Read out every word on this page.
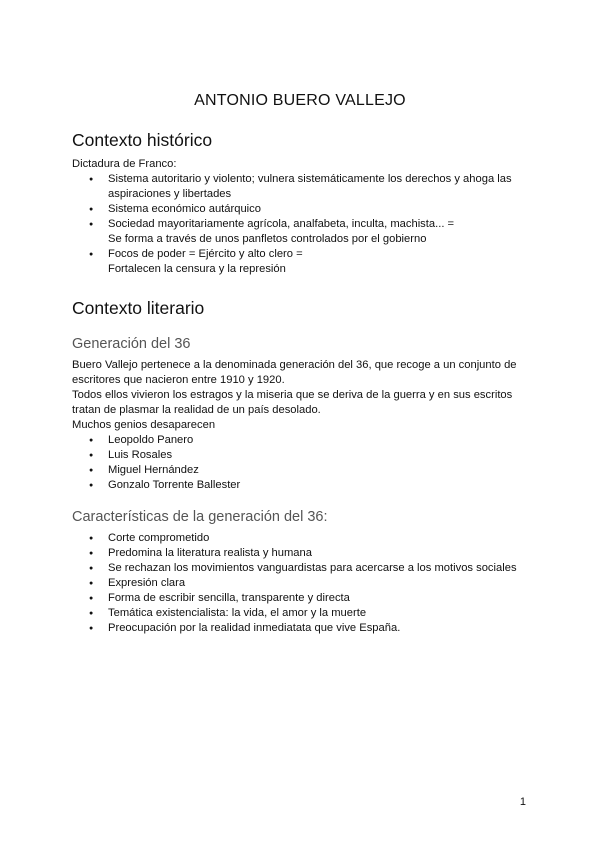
ANTONIO BUERO VALLEJO
Contexto histórico

Dictadura de Franco:

● Sistema autoritario y violento; vulnera sistemáticamente los derechos y ahoga las aspiraciones y libertades
● Sistema económico autárquico
● Sociedad mayoritariamente agrícola, analfabeta, inculta, machista... =
Se forma a través de unos panfletos controlados por el gobierno
● Focos de poder = Ejército y alto clero =
Fortalecen la censura y la represión
Contexto literario
Generación del 36

Buero Vallejo pertenece a la denominada generación del 36, que recoge a un conjunto de escritores que nacieron entre 1910 y 1920.

Todos ellos vivieron los estragos y la miseria que se deriva de la guerra y en sus escritos tratan de plasmar la realidad de un país desolado.

Muchos genios desaparecen

● Leopoldo Panero
● Luis Rosales
● Miguel Hernández
● Gonzalo Torrente Ballester
Características de la generación del 36:
● Corte comprometido
● Predomina la literatura realista y humana
● Se rechazan los movimientos vanguardistas para acercarse a los motivos sociales
● Expresión clara
● Forma de escribir sencilla, transparente y directa
● Temática existencialista: la vida, el amor y la muerte
● Preocupación por la realidad inmediatata que vive España.
1
